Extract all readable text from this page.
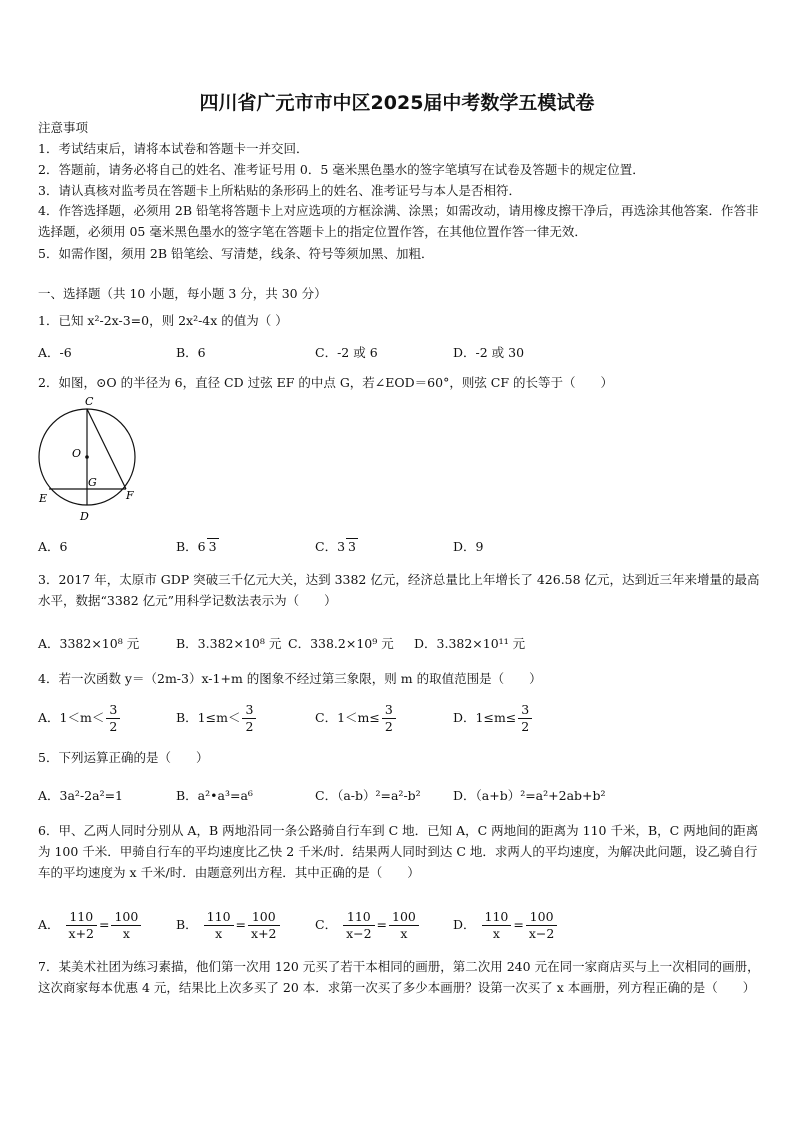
四川省广元市市中区2025届中考数学五模试卷
注意事项
1．考试结束后，请将本试卷和答题卡一并交回．
2．答题前，请务必将自己的姓名、准考证号用 0．5 毫米黑色墨水的签字笔填写在试卷及答题卡的规定位置．
3．请认真核对监考员在答题卡上所粘贴的条形码上的姓名、准考证号与本人是否相符．
4．作答选择题，必须用 2B 铅笔将答题卡上对应选项的方框涂满、涂黑；如需改动，请用橡皮擦干净后，再选涂其他答案．作答非选择题，必须用 05 毫米黑色墨水的签字笔在答题卡上的指定位置作答，在其他位置作答一律无效．
5．如需作图，须用 2B 铅笔绘、写清楚，线条、符号等须加黑、加粗．
一、选择题（共 10 小题，每小题 3 分，共 30 分）
1．已知 x²-2x-3=0，则 2x²-4x 的值为（ ）
A．-6	B．6	C．-2 或 6	D．-2 或 30
2．如图，⊙O 的半径为 6，直径 CD 过弦 EF 的中点 G，若∠EOD＝60°，则弦 CF 的长等于（　　）
C
O
G
E	F
D
A．6	B．6 3	C．3 3	D．9
3．2017 年，太原市 GDP 突破三千亿元大关，达到 3382 亿元，经济总量比上年增长了 426.58 亿元，达到近三年来增量的最高水平，数据“3382 亿元”用科学记数法表示为（　　）
A．3382×10⁸ 元	B．3.382×10⁸ 元 C．338.2×10⁹ 元 D．3.382×10¹¹ 元
4．若一次函数 y＝（2m-3）x-1+m 的图象不经过第三象限，则 m 的取值范围是（　　）
A．$1<m< \frac{3}{2}$	B．$1\le m< \frac{3}{2}$	C．$1<m\le \frac{3}{2}$	D．$1\le m\le \frac{3}{2}$
5．下列运算正确的是（　　）
A．3a²-2a²=1	B．a²•a³=a⁶	C．（a-b）²=a²-b²	D．（a+b）²=a²+2ab+b²
6．甲、乙两人同时分别从 A，B 两地沿同一条公路骑自行车到 C 地．已知 A，C 两地间的距离为 110 千米，B，C 两地间的距离为 100 千米．甲骑自行车的平均速度比乙快 2 千米/时．结果两人同时到达 C 地．求两人的平均速度，为解决此问题，设乙骑自行车的平均速度为 x 千米/时．由题意列出方程．其中正确的是（　　）
A． $\frac{110}{x+2} = \frac{100}{x}$	B． $\frac{110}{x} = \frac{100}{x+2}$	C． $\frac{110}{x-2} = \frac{100}{x}$	D． $\frac{110}{x} = \frac{100}{x-2}$
7．某美术社团为练习素描，他们第一次用 120 元买了若干本相同的画册，第二次用 240 元在同一家商店买与上一次相同的画册，这次商家每本优惠 4 元，结果比上次多买了 20 本．求第一次买了多少本画册？设第一次买了 x 本画册，列方程正确的是（　　）
